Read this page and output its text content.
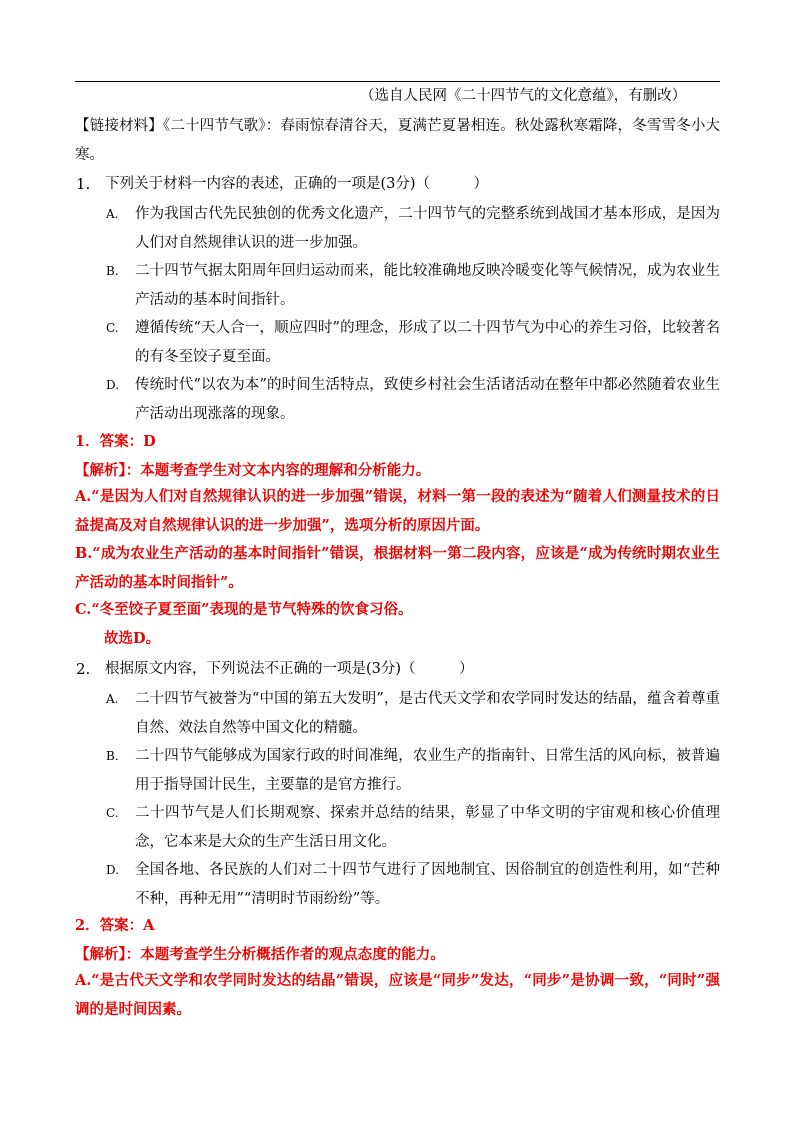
（选自人民网《二十四节气的文化意蕴》，有删改）
【链接材料】《二十四节气歌》：春雨惊春清谷天，夏满芒夏暑相连。秋处露秋寒霜降，冬雪雪冬小大寒。
1. 下列关于材料一内容的表述，正确的一项是(3分)（　　　）
A. 作为我国古代先民独创的优秀文化遗产，二十四节气的完整系统到战国才基本形成，是因为人们对自然规律认识的进一步加强。
B. 二十四节气据太阳周年回归运动而来，能比较准确地反映冷暖变化等气候情况，成为农业生产活动的基本时间指针。
C. 遵循传统“天人合一，顺应四时”的理念，形成了以二十四节气为中心的养生习俗，比较著名的有冬至饺子夏至面。
D. 传统时代“以农为本”的时间生活特点，致使乡村社会生活诸活动在整年中都必然随着农业生产活动出现涨落的现象。
1．答案：D
【解析】：本题考查学生对文本内容的理解和分析能力。
A.“是因为人们对自然规律认识的进一步加强”错误，材料一第一段的表述为“随着人们测量技术的日益提高及对自然规律认识的进一步加强”，选项分析的原因片面。
B.“成为农业生产活动的基本时间指针”错误，根据材料一第二段内容，应该是“成为传统时期农业生产活动的基本时间指针”。
C.“冬至饺子夏至面”表现的是节气特殊的饮食习俗。
故选D。
2. 根据原文内容，下列说法不正确的一项是(3分)（　　　）
A. 二十四节气被誉为“中国的第五大发明”，是古代天文学和农学同时发达的结晶，蕴含着尊重自然、效法自然等中国文化的精髓。
B. 二十四节气能够成为国家行政的时间准绳，农业生产的指南针、日常生活的风向标，被普遍用于指导国计民生，主要靠的是官方推行。
C. 二十四节气是人们长期观察、探索并总结的结果，彰显了中华文明的宇宙观和核心价值理念，它本来是大众的生产生活日用文化。
D. 全国各地、各民族的人们对二十四节气进行了因地制宜、因俗制宜的创造性利用，如“芒种不种，再种无用”“清明时节雨纷纷”等。
2．答案：A
【解析】：本题考查学生分析概括作者的观点态度的能力。
A.“是古代天文学和农学同时发达的结晶”错误，应该是“同步”发达，“同步”是协调一致，“同时”强调的是时间因素。
